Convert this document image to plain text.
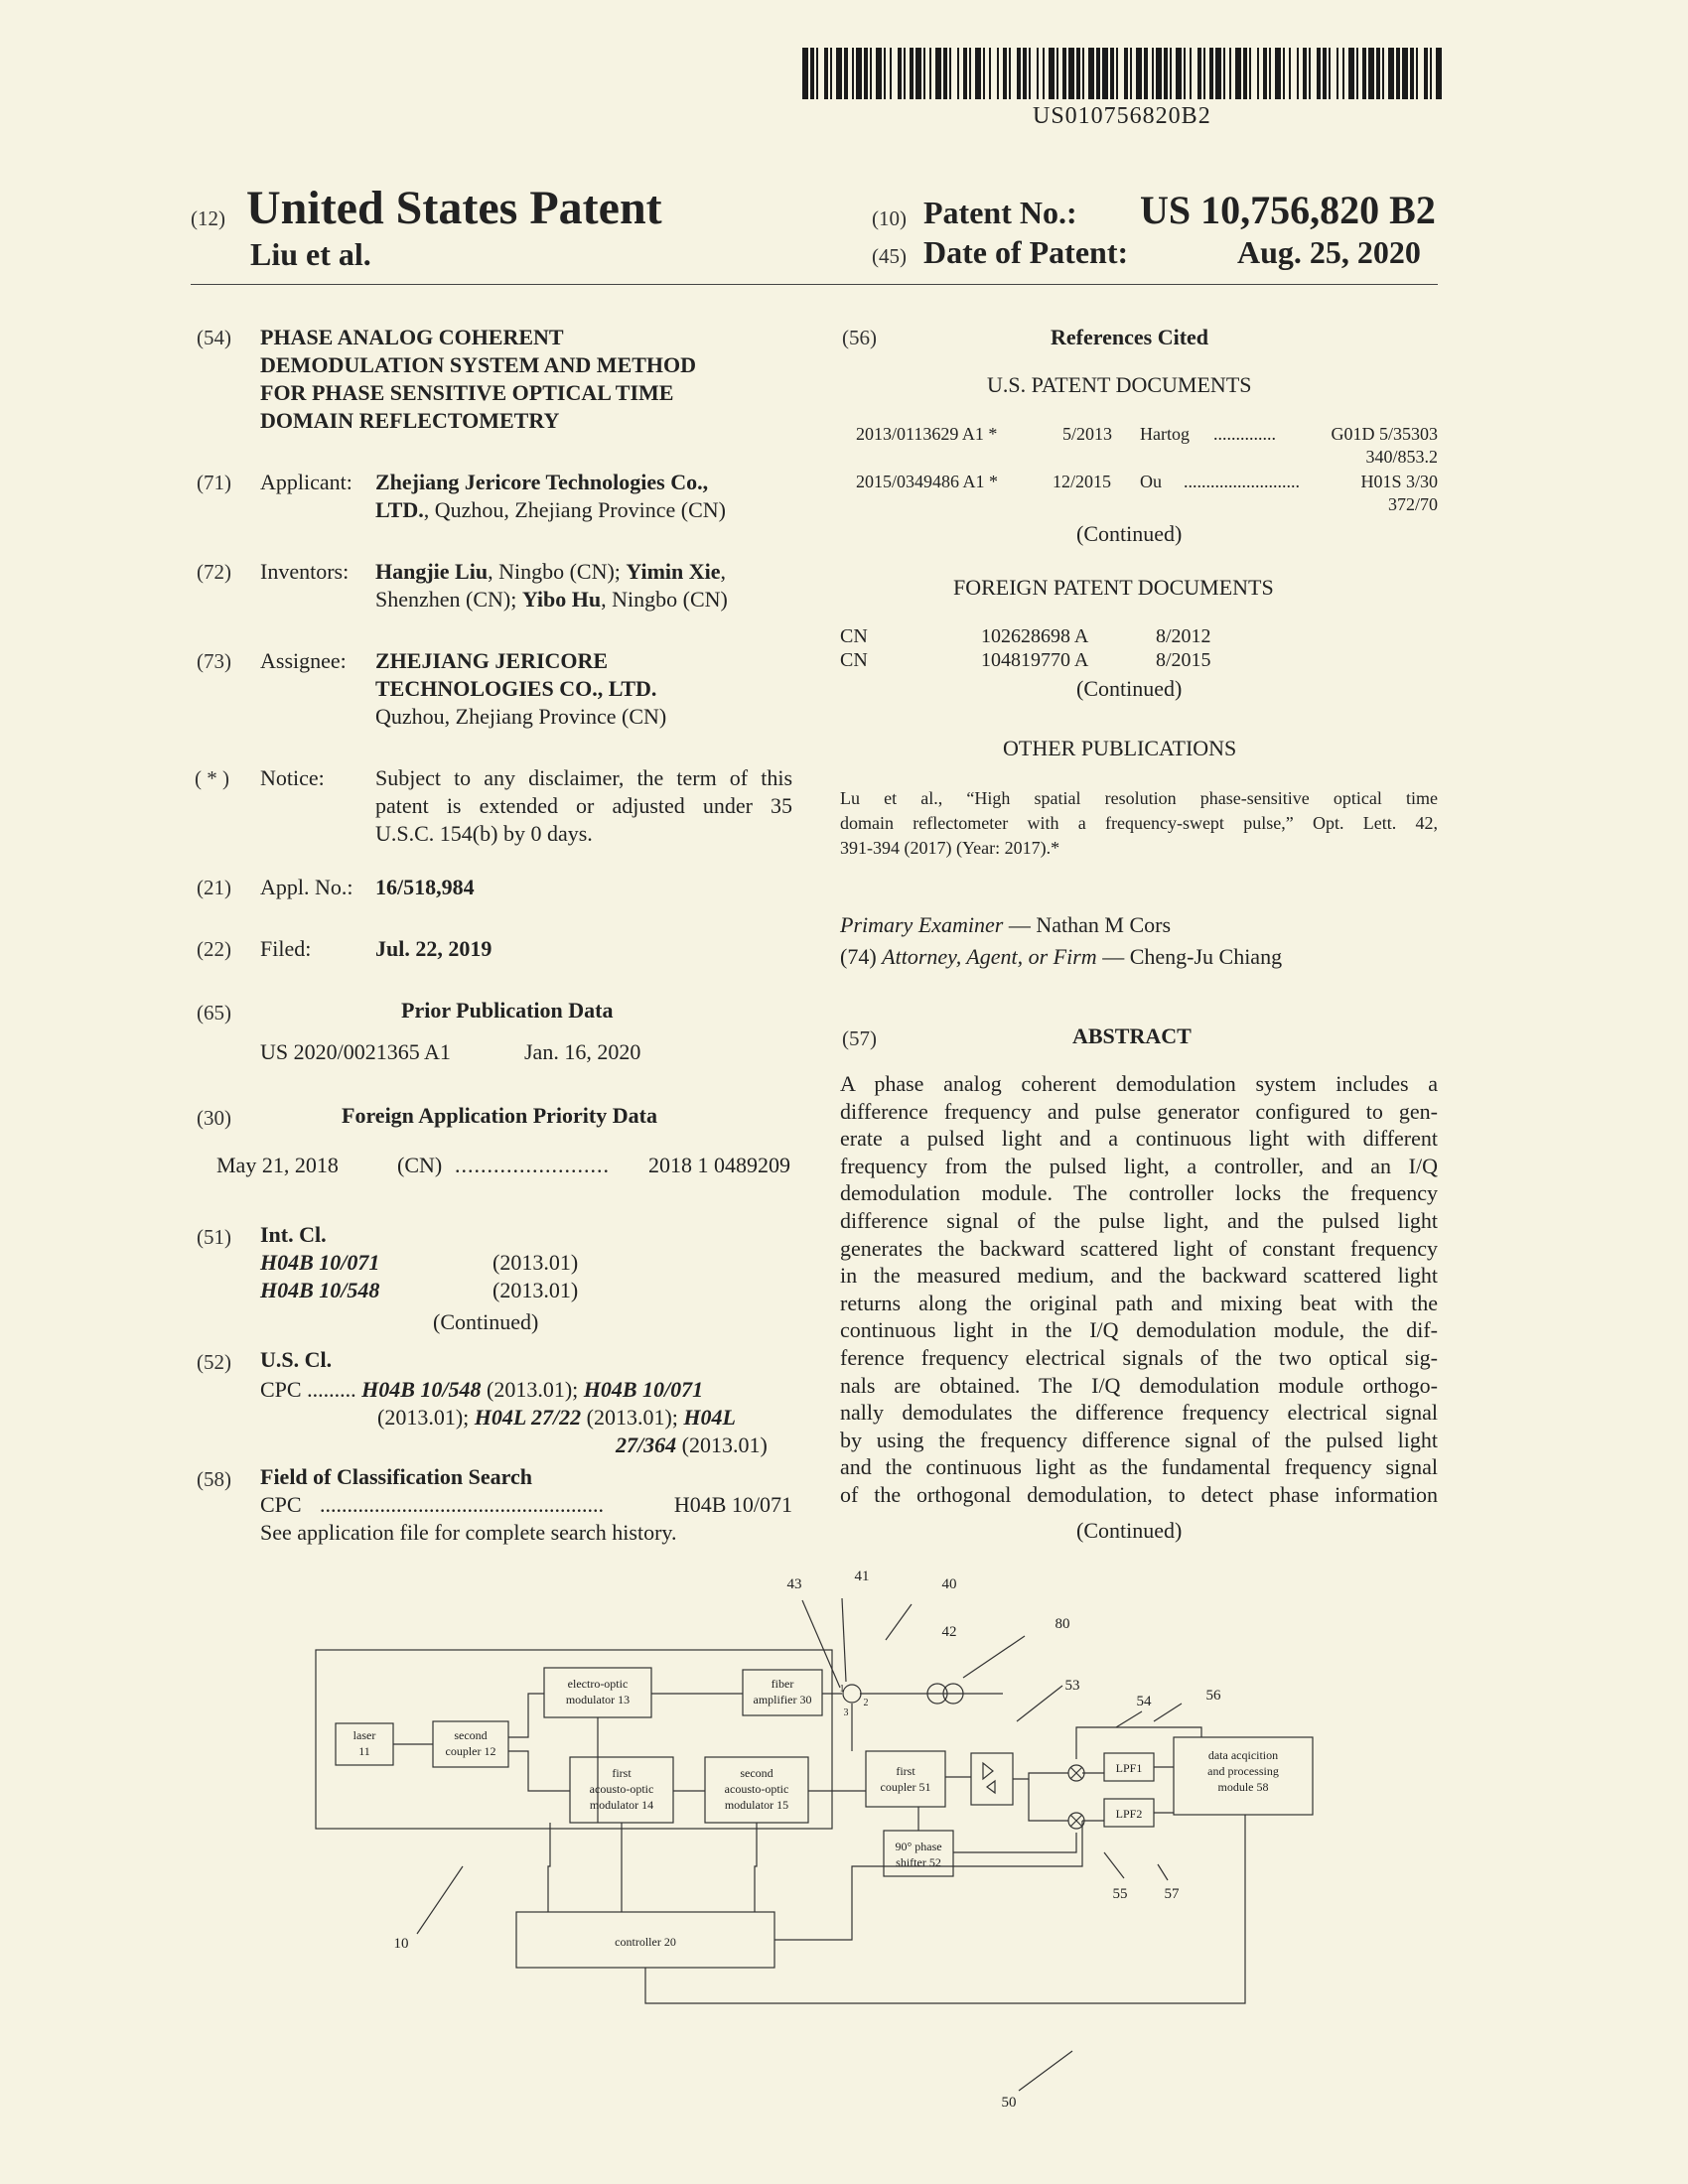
US010756820B2
(12) United States Patent
Liu et al.
(10) Patent No.: US 10,756,820 B2
(45) Date of Patent:	Aug. 25, 2020
(54) PHASE ANALOG COHERENT
DEMODULATION SYSTEM AND METHOD
FOR PHASE SENSITIVE OPTICAL TIME
DOMAIN REFLECTOMETRY
(71) Applicant: Zhejiang Jericore Technologies Co.,
LTD., Quzhou, Zhejiang Province (CN)
(72) Inventors: Hangjie Liu, Ningbo (CN); Yimin Xie,
Shenzhen (CN); Yibo Hu, Ningbo (CN)
(73) Assignee: ZHEJIANG JERICORE
TECHNOLOGIES CO., LTD.
Quzhou, Zhejiang Province (CN)
( * ) Notice: Subject to any disclaimer, the term of this
patent is extended or adjusted under 35
U.S.C. 154(b) by 0 days.
(21) Appl. No.: 16/518,984
(22) Filed:	Jul. 22, 2019
(65)	Prior Publication Data
US 2020/0021365 A1	Jan. 16, 2020
(30)	Foreign Application Priority Data
May 21, 2018	(CN) ........................ 2018 1 0489209
(51) Int. Cl.
H04B 10/071	(2013.01)
H04B 10/548	(2013.01)
(Continued)
(52) U.S. Cl.
CPC ......... H04B 10/548 (2013.01); H04B 10/071
(2013.01); H04L 27/22 (2013.01); H04L
27/364 (2013.01)
(58) Field of Classification Search
CPC ....................................................	H04B 10/071
See application file for complete search history.
(56)	References Cited
U.S. PATENT DOCUMENTS
2013/0113629 A1 *	5/2013 Hartog ..............	G01D 5/35303
340/853.2
2015/0349486 A1 *	12/2015 Ou ..........................	H01S 3/30
372/70
(Continued)
FOREIGN PATENT DOCUMENTS
CN	102628698 A	8/2012
CN	104819770 A	8/2015
(Continued)
OTHER PUBLICATIONS
Lu et al., “High spatial resolution phase-sensitive optical time
domain reflectometer with a frequency-swept pulse,” Opt. Lett. 42,
391-394 (2017) (Year: 2017).*
Primary Examiner — Nathan M Cors
(74) Attorney, Agent, or Firm — Cheng-Ju Chiang
(57)	ABSTRACT
A phase analog coherent demodulation system includes a
difference frequency and pulse generator configured to gen-
erate a pulsed light and a continuous light with different
frequency from the pulsed light, a controller, and an I/Q
demodulation module. The controller locks the frequency
difference signal of the pulse light, and the pulsed light
generates the backward scattered light of constant frequency
in the measured medium, and the backward scattered light
returns along the original path and mixing beat with the
continuous light in the I/Q demodulation module, the dif-
ference frequency electrical signals of the two optical sig-
nals are obtained. The I/Q demodulation module orthogo-
nally demodulates the difference frequency electrical signal
by using the frequency difference signal of the pulsed light
and the continuous light as the fundamental frequency signal
of the orthogonal demodulation, to detect phase information
(Continued)
laser
11
second
coupler 12
electro-optic
modulator 13
fiber
amplifier 30
first
acousto-optic
modulator 14
second
acousto-optic
modulator 15
first
coupler 51
90° phase
shifter 52
LPF1
LPF2
data acqicition
and processing
module 58
controller 20
1
2
3
43	41	40
42	80
53
54	56
55 57
10
50
